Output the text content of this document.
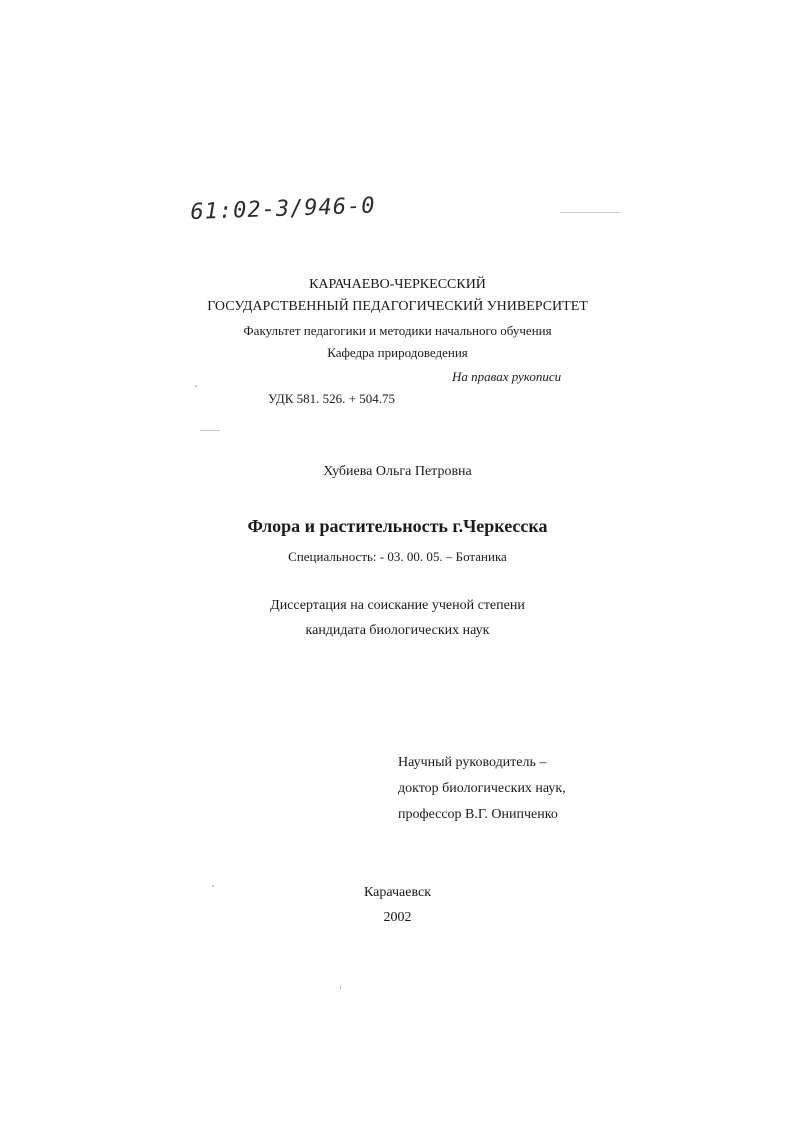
61:02-3/946-0
КАРАЧАЕВО-ЧЕРКЕССКИЙ
ГОСУДАРСТВЕННЫЙ ПЕДАГОГИЧЕСКИЙ УНИВЕРСИТЕТ
Факультет педагогики и методики начального обучения
Кафедра природоведения
На правах рукописи
УДК 581. 526. + 504.75
Хубиева Ольга Петровна
Флора и растительность г.Черкесска
Специальность: - 03. 00. 05. – Ботаника
Диссертация на соискание ученой степени
кандидата биологических наук
Научный руководитель –
доктор биологических наук,
профессор В.Г. Онипченко
Карачаевск
2002
